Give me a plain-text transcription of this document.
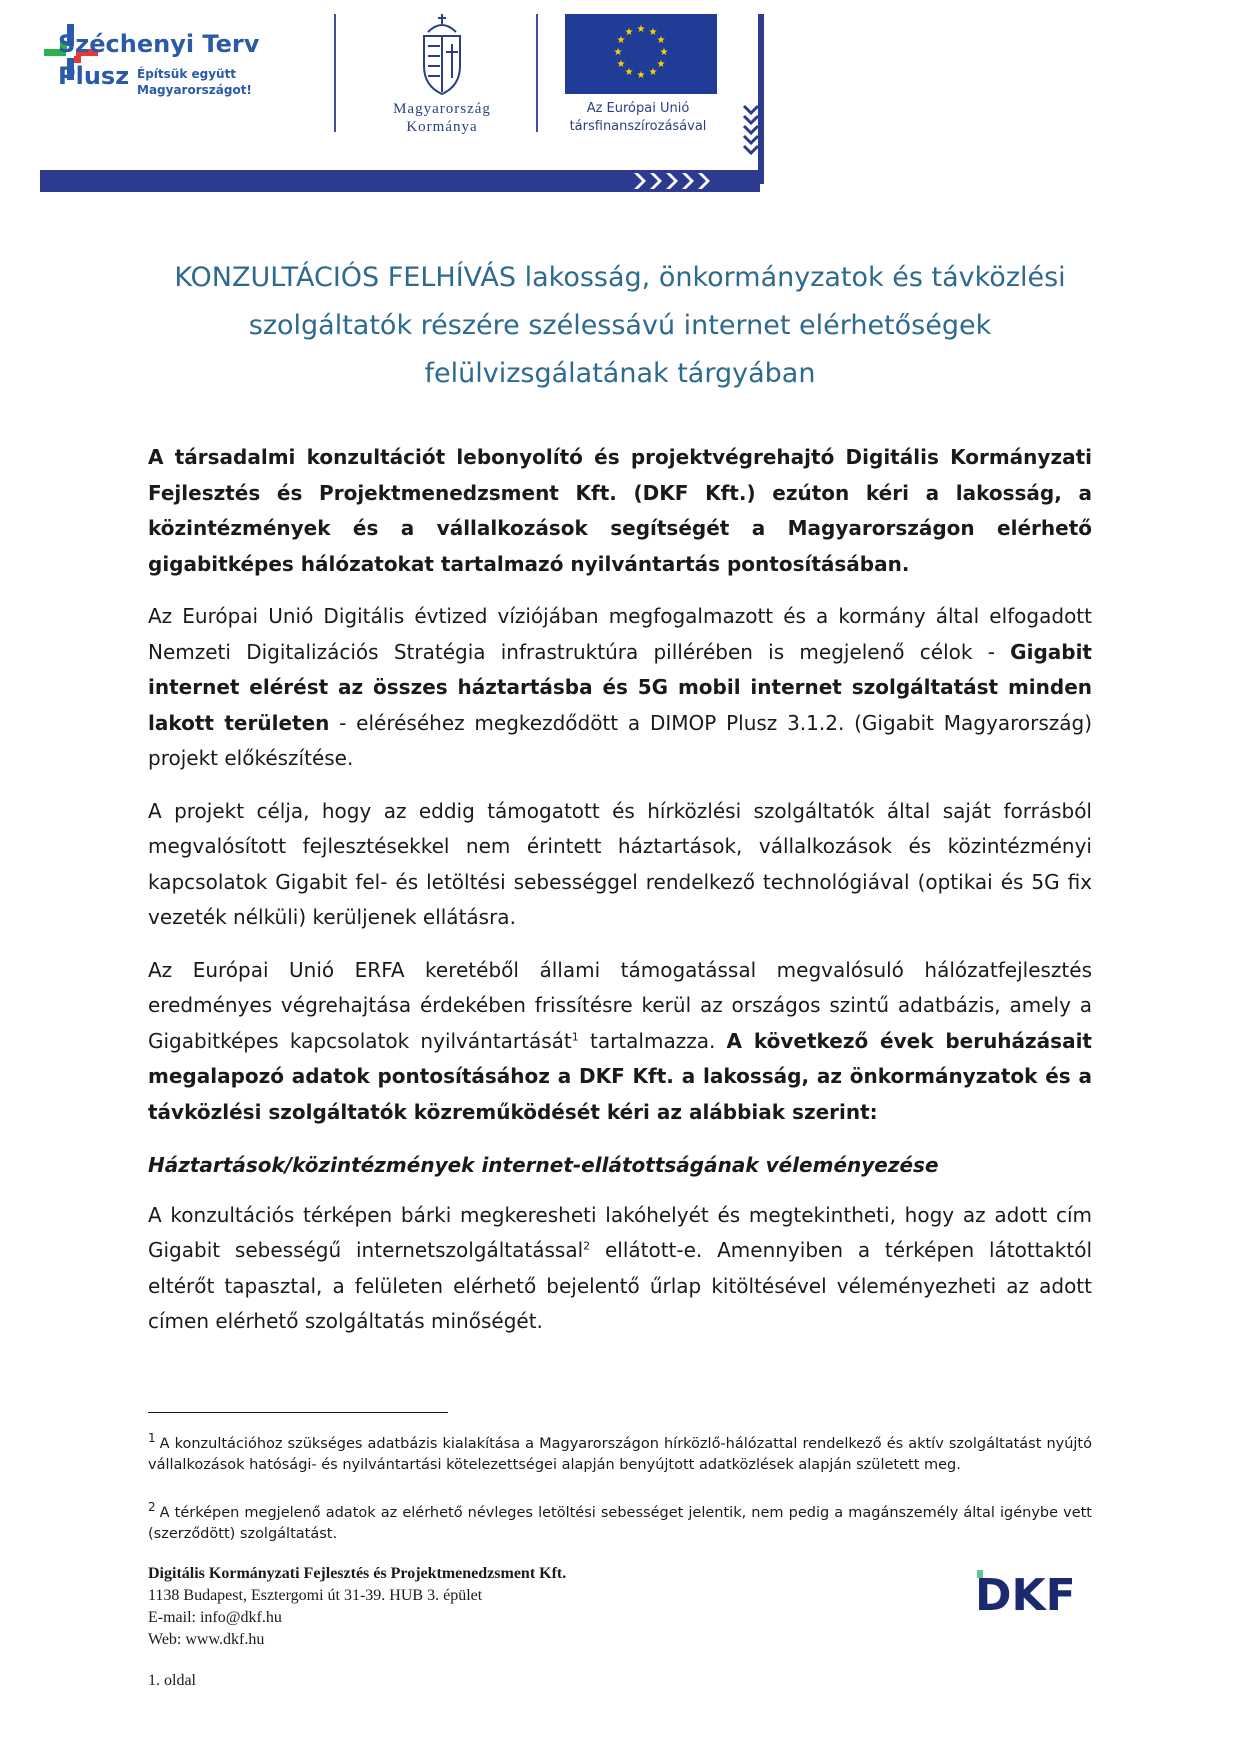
Széchenyi Terv
Plusz Építsük együtt
Magyarországot!
Magyarország
Kormánya
★ ★
★
★
★
★
★
★
★
★
★
★
Az Európai Unió
társfinanszírozásával
KONZULTÁCIÓS FELHÍVÁS lakosság, önkormányzatok és távközlési szolgáltatók részére szélessávú internet elérhetőségek felülvizsgálatának tárgyában

A társadalmi konzultációt lebonyolító és projektvégrehajtó Digitális Kormányzati Fejlesztés és Projektmenedzsment Kft. (DKF Kft.) ezúton kéri a lakosság, a közintézmények és a vállalkozások segítségét a Magyarországon elérhető gigabitképes hálózatokat tartalmazó nyilvántartás pontosításában.

Az Európai Unió Digitális évtized víziójában megfogalmazott és a kormány által elfogadott Nemzeti Digitalizációs Stratégia infrastruktúra pillérében is megjelenő célok - Gigabit internet elérést az összes háztartásba és 5G mobil internet szolgáltatást minden lakott területen - eléréséhez megkezdődött a DIMOP Plusz 3.1.2. (Gigabit Magyarország) projekt előkészítése.

A projekt célja, hogy az eddig támogatott és hírközlési szolgáltatók által saját forrásból megvalósított fejlesztésekkel nem érintett háztartások, vállalkozások és közintézményi kapcsolatok Gigabit fel- és letöltési sebességgel rendelkező technológiával (optikai és 5G fix vezeték nélküli) kerüljenek ellátásra.

Az Európai Unió ERFA keretéből állami támogatással megvalósuló hálózatfejlesztés eredményes végrehajtása érdekében frissítésre kerül az országos szintű adatbázis, amely a Gigabitképes kapcsolatok nyilvántartását$^1$ tartalmazza. A következő évek beruházásait megalapozó adatok pontosításához a DKF Kft. a lakosság, az önkormányzatok és a távközlési szolgáltatók közreműködését kéri az alábbiak szerint:

Háztartások/közintézmények internet-ellátottságának véleményezése

A konzultációs térképen bárki megkeresheti lakóhelyét és megtekintheti, hogy az adott cím Gigabit sebességű internetszolgáltatással$^2$ ellátott-e. Amennyiben a térképen látottaktól eltérőt tapasztal, a felületen elérhető bejelentő űrlap kitöltésével véleményezheti az adott címen elérhető szolgáltatás minőségét.

$^1$ A konzultációhoz szükséges adatbázis kialakítása a Magyarországon hírközlő-hálózattal rendelkező és aktív szolgáltatást nyújtó vállalkozások hatósági- és nyilvántartási kötelezettségei alapján benyújtott adatközlések alapján született meg.
$^2$ A térképen megjelenő adatok az elérhető névleges letöltési sebességet jelentik, nem pedig a magánszemély által igénybe vett (szerződött) szolgáltatást.
Digitális Kormányzati Fejlesztés és Projektmenedzsment Kft.
1138 Budapest, Esztergomi út 31-39. HUB 3. épület
E-mail: info@dkf.hu
Web: www.dkf.hu
DKF
1. oldal
